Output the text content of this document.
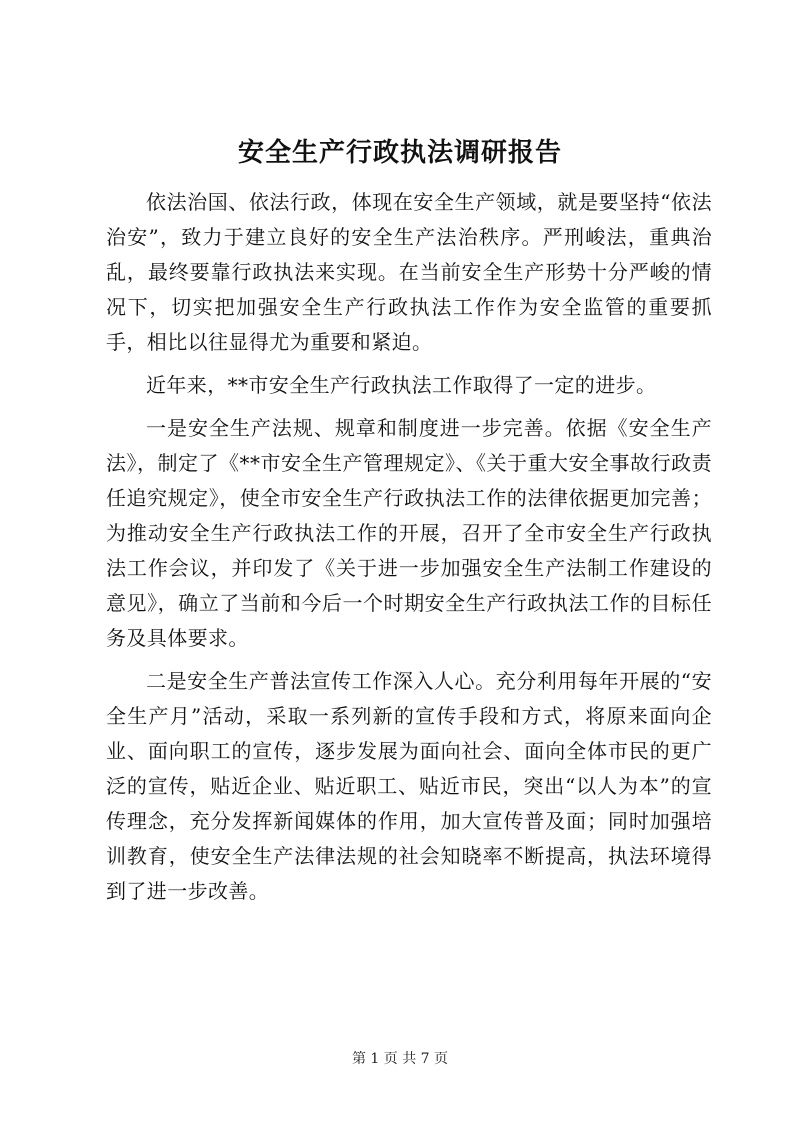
安全生产行政执法调研报告

依法治国、依法行政，体现在安全生产领域，就是要坚持“依法治安”，致力于建立良好的安全生产法治秩序。严刑峻法，重典治乱，最终要靠行政执法来实现。在当前安全生产形势十分严峻的情况下，切实把加强安全生产行政执法工作作为安全监管的重要抓手，相比以往显得尤为重要和紧迫。

近年来，**市安全生产行政执法工作取得了一定的进步。

一是安全生产法规、规章和制度进一步完善。依据《安全生产法》，制定了《**市安全生产管理规定》、《关于重大安全事故行政责任追究规定》，使全市安全生产行政执法工作的法律依据更加完善；为推动安全生产行政执法工作的开展，召开了全市安全生产行政执法工作会议，并印发了《关于进一步加强安全生产法制工作建设的意见》，确立了当前和今后一个时期安全生产行政执法工作的目标任务及具体要求。

二是安全生产普法宣传工作深入人心。充分利用每年开展的“安全生产月”活动，采取一系列新的宣传手段和方式，将原来面向企业、面向职工的宣传，逐步发展为面向社会、面向全体市民的更广泛的宣传，贴近企业、贴近职工、贴近市民，突出“以人为本”的宣传理念，充分发挥新闻媒体的作用，加大宣传普及面；同时加强培训教育，使安全生产法律法规的社会知晓率不断提高，执法环境得到了进一步改善。

第 1 页 共 7 页
